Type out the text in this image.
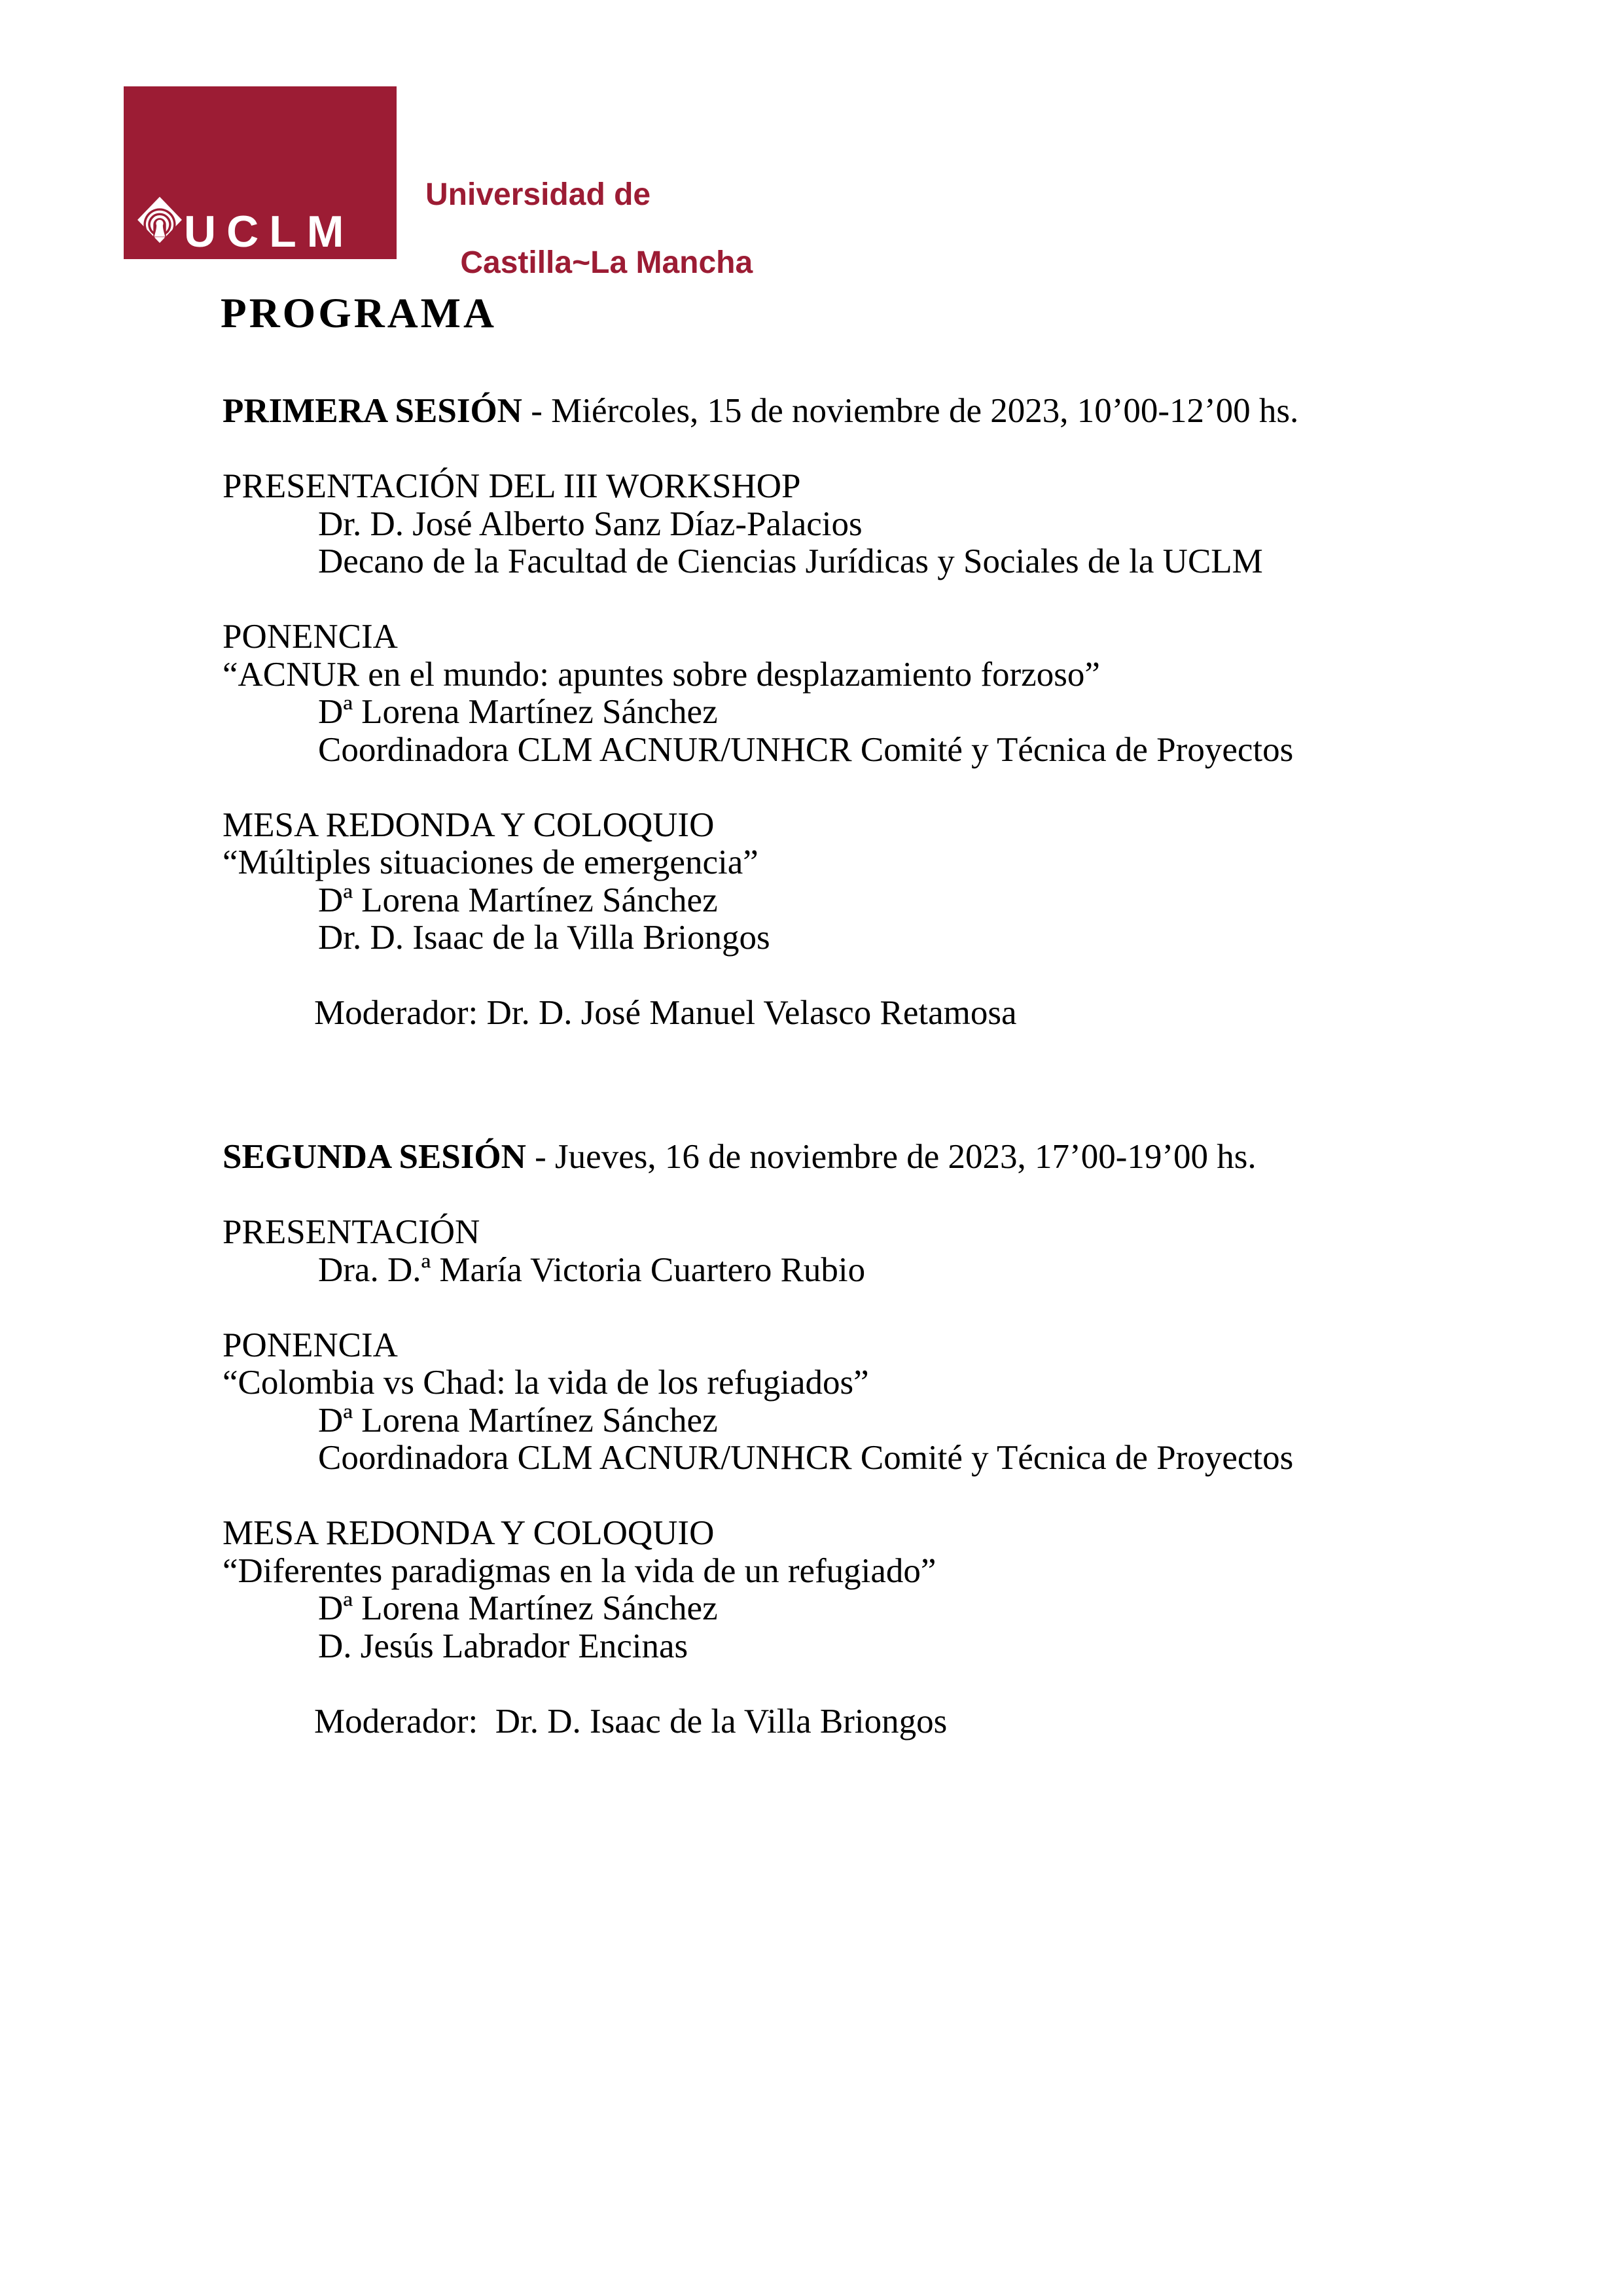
UCLM
Universidad de

Castilla~La Mancha

PROGRAMA
PRIMERA SESIÓN - Miércoles, 15 de noviembre de 2023, 10’00-12’00 hs.
PRESENTACIÓN DEL III WORKSHOP
Dr. D. José Alberto Sanz Díaz-Palacios
Decano de la Facultad de Ciencias Jurídicas y Sociales de la UCLM
PONENCIA
“ACNUR en el mundo: apuntes sobre desplazamiento forzoso”
Dª Lorena Martínez Sánchez
Coordinadora CLM ACNUR/UNHCR Comité y Técnica de Proyectos
MESA REDONDA Y COLOQUIO
“Múltiples situaciones de emergencia”
Dª Lorena Martínez Sánchez
Dr. D. Isaac de la Villa Briongos
Moderador: Dr. D. José Manuel Velasco Retamosa
SEGUNDA SESIÓN - Jueves, 16 de noviembre de 2023, 17’00-19’00 hs.
PRESENTACIÓN
Dra. D.ª María Victoria Cuartero Rubio
PONENCIA
“Colombia vs Chad: la vida de los refugiados”
Dª Lorena Martínez Sánchez
Coordinadora CLM ACNUR/UNHCR Comité y Técnica de Proyectos
MESA REDONDA Y COLOQUIO
“Diferentes paradigmas en la vida de un refugiado”
Dª Lorena Martínez Sánchez
D. Jesús Labrador Encinas
Moderador:  Dr. D. Isaac de la Villa Briongos
